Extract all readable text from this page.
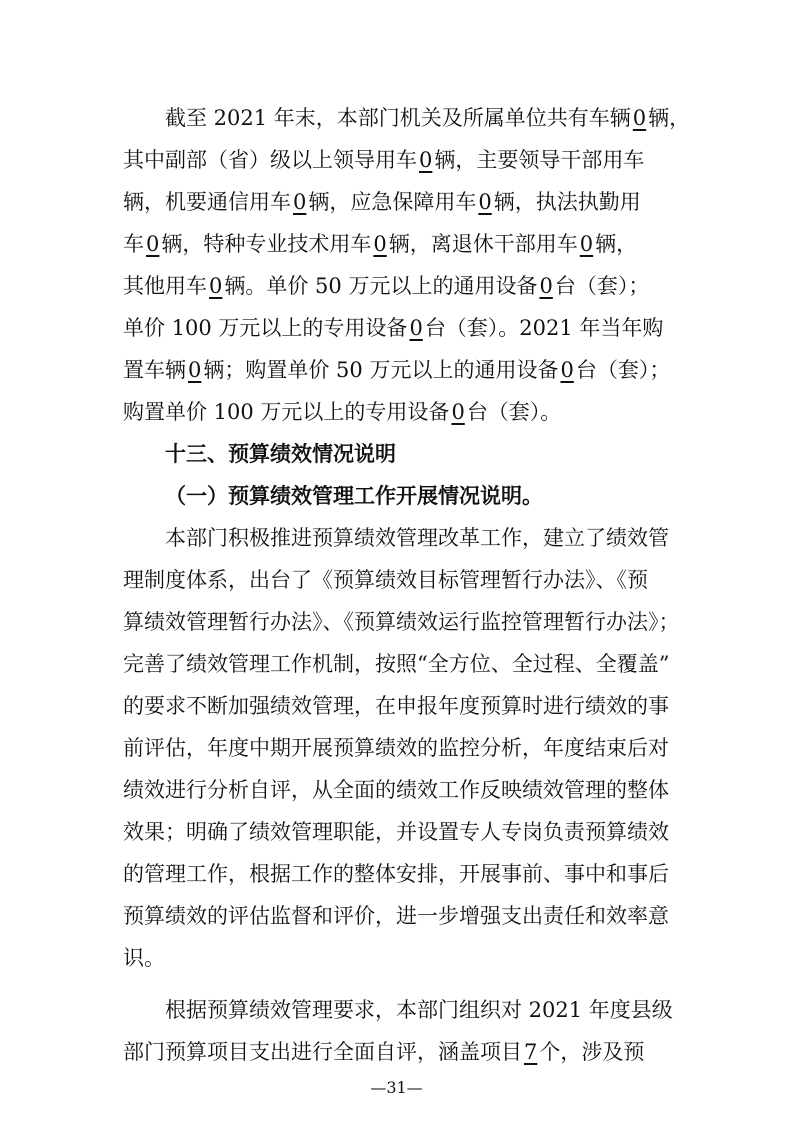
截至 2021 年末，本部门机关及所属单位共有车辆0辆，
其中副部（省）级以上领导用车0辆，主要领导干部用车
辆，机要通信用车0辆，应急保障用车0辆，执法执勤用
车0辆，特种专业技术用车0辆，离退休干部用车0辆，
其他用车0辆。单价 50 万元以上的通用设备0台（套）；
单价 100 万元以上的专用设备0台（套）。2021 年当年购
置车辆0辆；购置单价 50 万元以上的通用设备0台（套）；
购置单价 100 万元以上的专用设备0台（套）。
十三、预算绩效情况说明
（一）预算绩效管理工作开展情况说明。
本部门积极推进预算绩效管理改革工作，建立了绩效管
理制度体系，出台了《预算绩效目标管理暂行办法》、《预
算绩效管理暂行办法》、《预算绩效运行监控管理暂行办法》；
完善了绩效管理工作机制，按照“全方位、全过程、全覆盖”
的要求不断加强绩效管理，在申报年度预算时进行绩效的事
前评估，年度中期开展预算绩效的监控分析，年度结束后对
绩效进行分析自评，从全面的绩效工作反映绩效管理的整体
效果；明确了绩效管理职能，并设置专人专岗负责预算绩效
的管理工作，根据工作的整体安排，开展事前、事中和事后
预算绩效的评估监督和评价，进一步增强支出责任和效率意
识。
根据预算绩效管理要求，本部门组织对 2021 年度县级
部门预算项目支出进行全面自评，涵盖项目7个，涉及预
—31—
